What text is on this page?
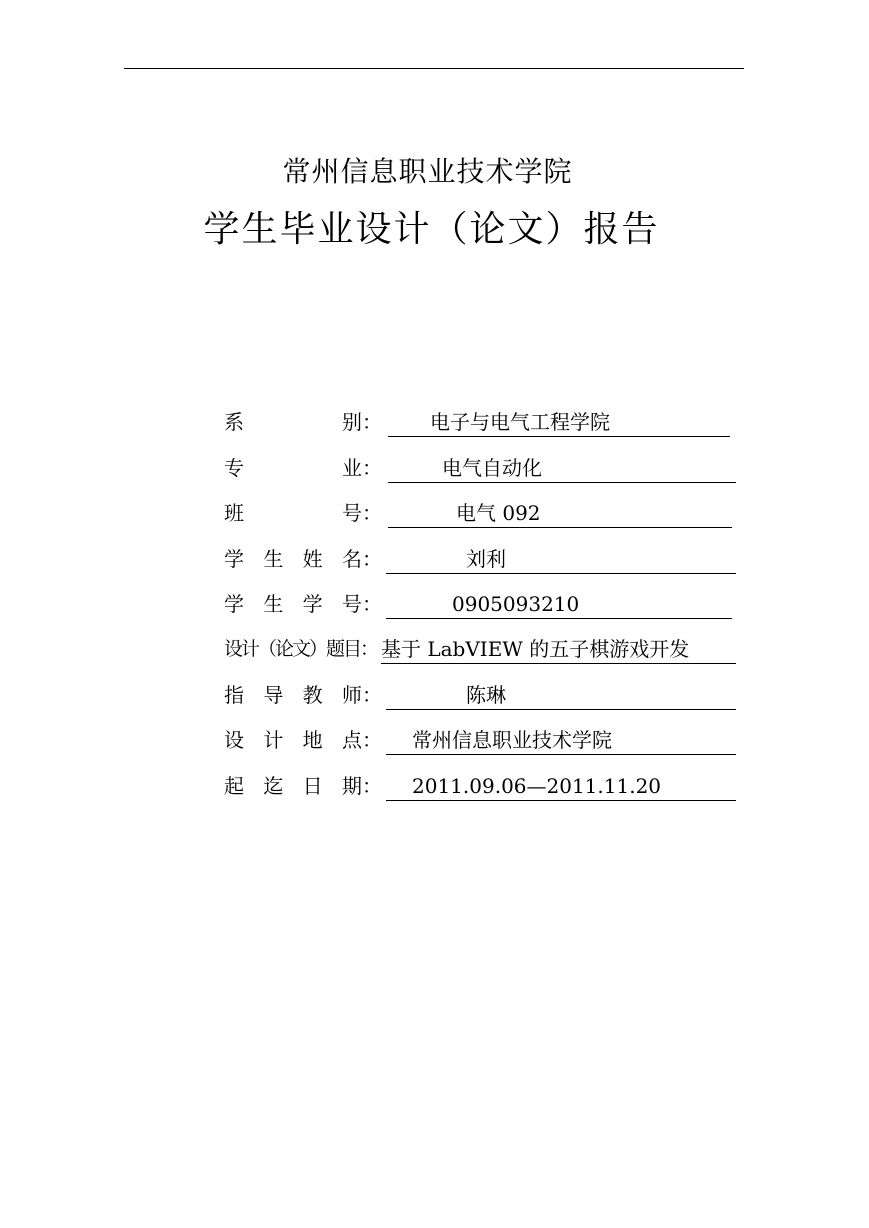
常州信息职业技术学院
学生毕业设计（论文）报告
系	别：	电子与电气工程学院
专	业：	电气自动化
班	号：	电气 092
学 生 姓 名：	刘利
学 生 学 号：	0905093210
设计（论文）题目： 基于 LabVIEW 的五子棋游戏开发
指 导 教 师：	陈琳
设 计 地 点：	常州信息职业技术学院
起 迄 日 期：	2011.09.06—2011.11.20
